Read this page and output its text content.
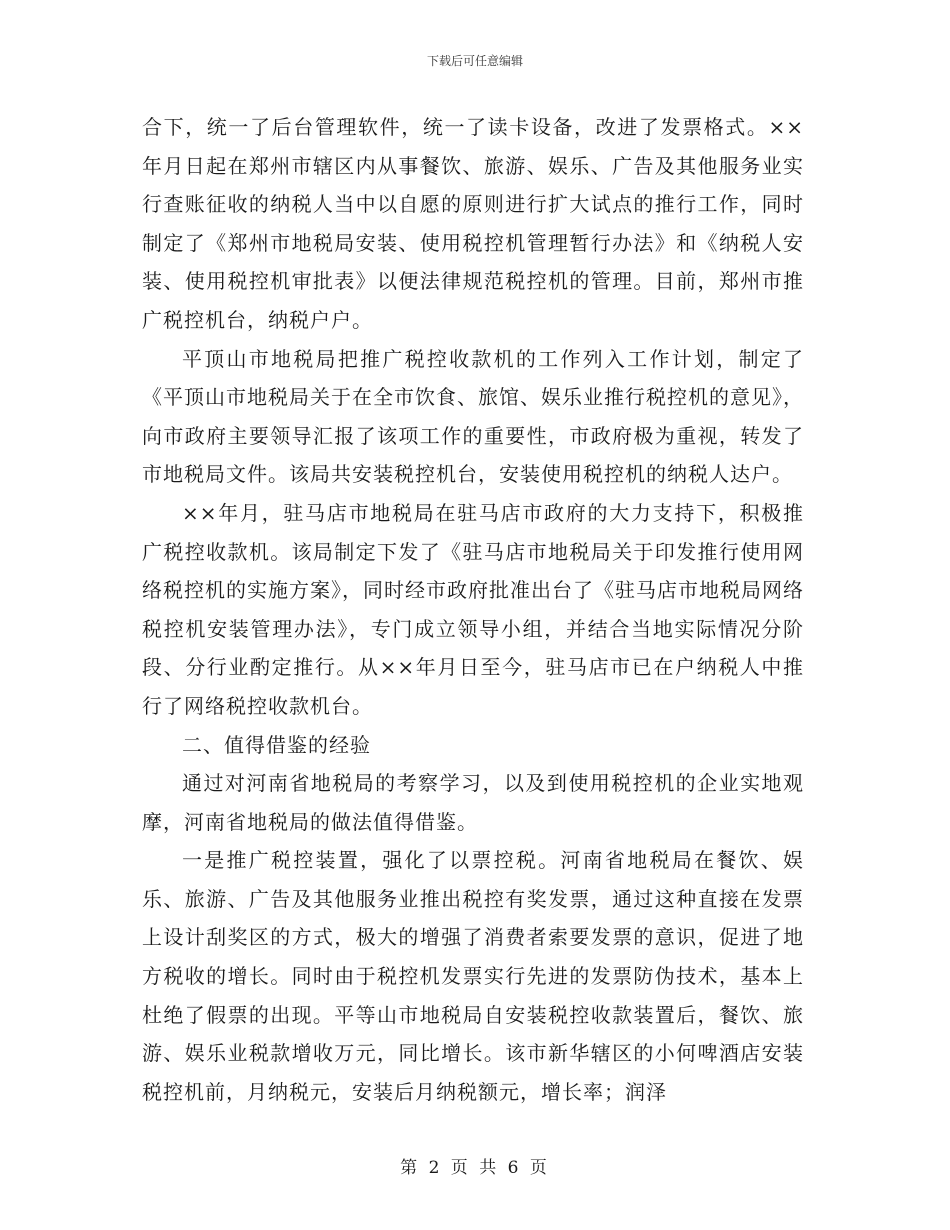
下载后可任意编辑

合下，统一了后台管理软件，统一了读卡设备，改进了发票格式。××年月日起在郑州市辖区内从事餐饮、旅游、娱乐、广告及其他服务业实行查账征收的纳税人当中以自愿的原则进行扩大试点的推行工作，同时制定了《郑州市地税局安装、使用税控机管理暂行办法》和《纳税人安装、使用税控机审批表》以便法律规范税控机的管理。目前，郑州市推广税控机台，纳税户户。

平顶山市地税局把推广税控收款机的工作列入工作计划，制定了《平顶山市地税局关于在全市饮食、旅馆、娱乐业推行税控机的意见》，向市政府主要领导汇报了该项工作的重要性，市政府极为重视，转发了市地税局文件。该局共安装税控机台，安装使用税控机的纳税人达户。

××年月，驻马店市地税局在驻马店市政府的大力支持下，积极推广税控收款机。该局制定下发了《驻马店市地税局关于印发推行使用网络税控机的实施方案》，同时经市政府批准出台了《驻马店市地税局网络税控机安装管理办法》，专门成立领导小组，并结合当地实际情况分阶段、分行业酌定推行。从××年月日至今，驻马店市已在户纳税人中推行了网络税控收款机台。

二、值得借鉴的经验

通过对河南省地税局的考察学习，以及到使用税控机的企业实地观摩，河南省地税局的做法值得借鉴。

一是推广税控装置，强化了以票控税。河南省地税局在餐饮、娱乐、旅游、广告及其他服务业推出税控有奖发票，通过这种直接在发票上设计刮奖区的方式，极大的增强了消费者索要发票的意识，促进了地方税收的增长。同时由于税控机发票实行先进的发票防伪技术，基本上杜绝了假票的出现。平等山市地税局自安装税控收款装置后，餐饮、旅游、娱乐业税款增收万元，同比增长。该市新华辖区的小何啤酒店安装税控机前，月纳税元，安装后月纳税额元，增长率；润泽

第 2 页 共 6 页
